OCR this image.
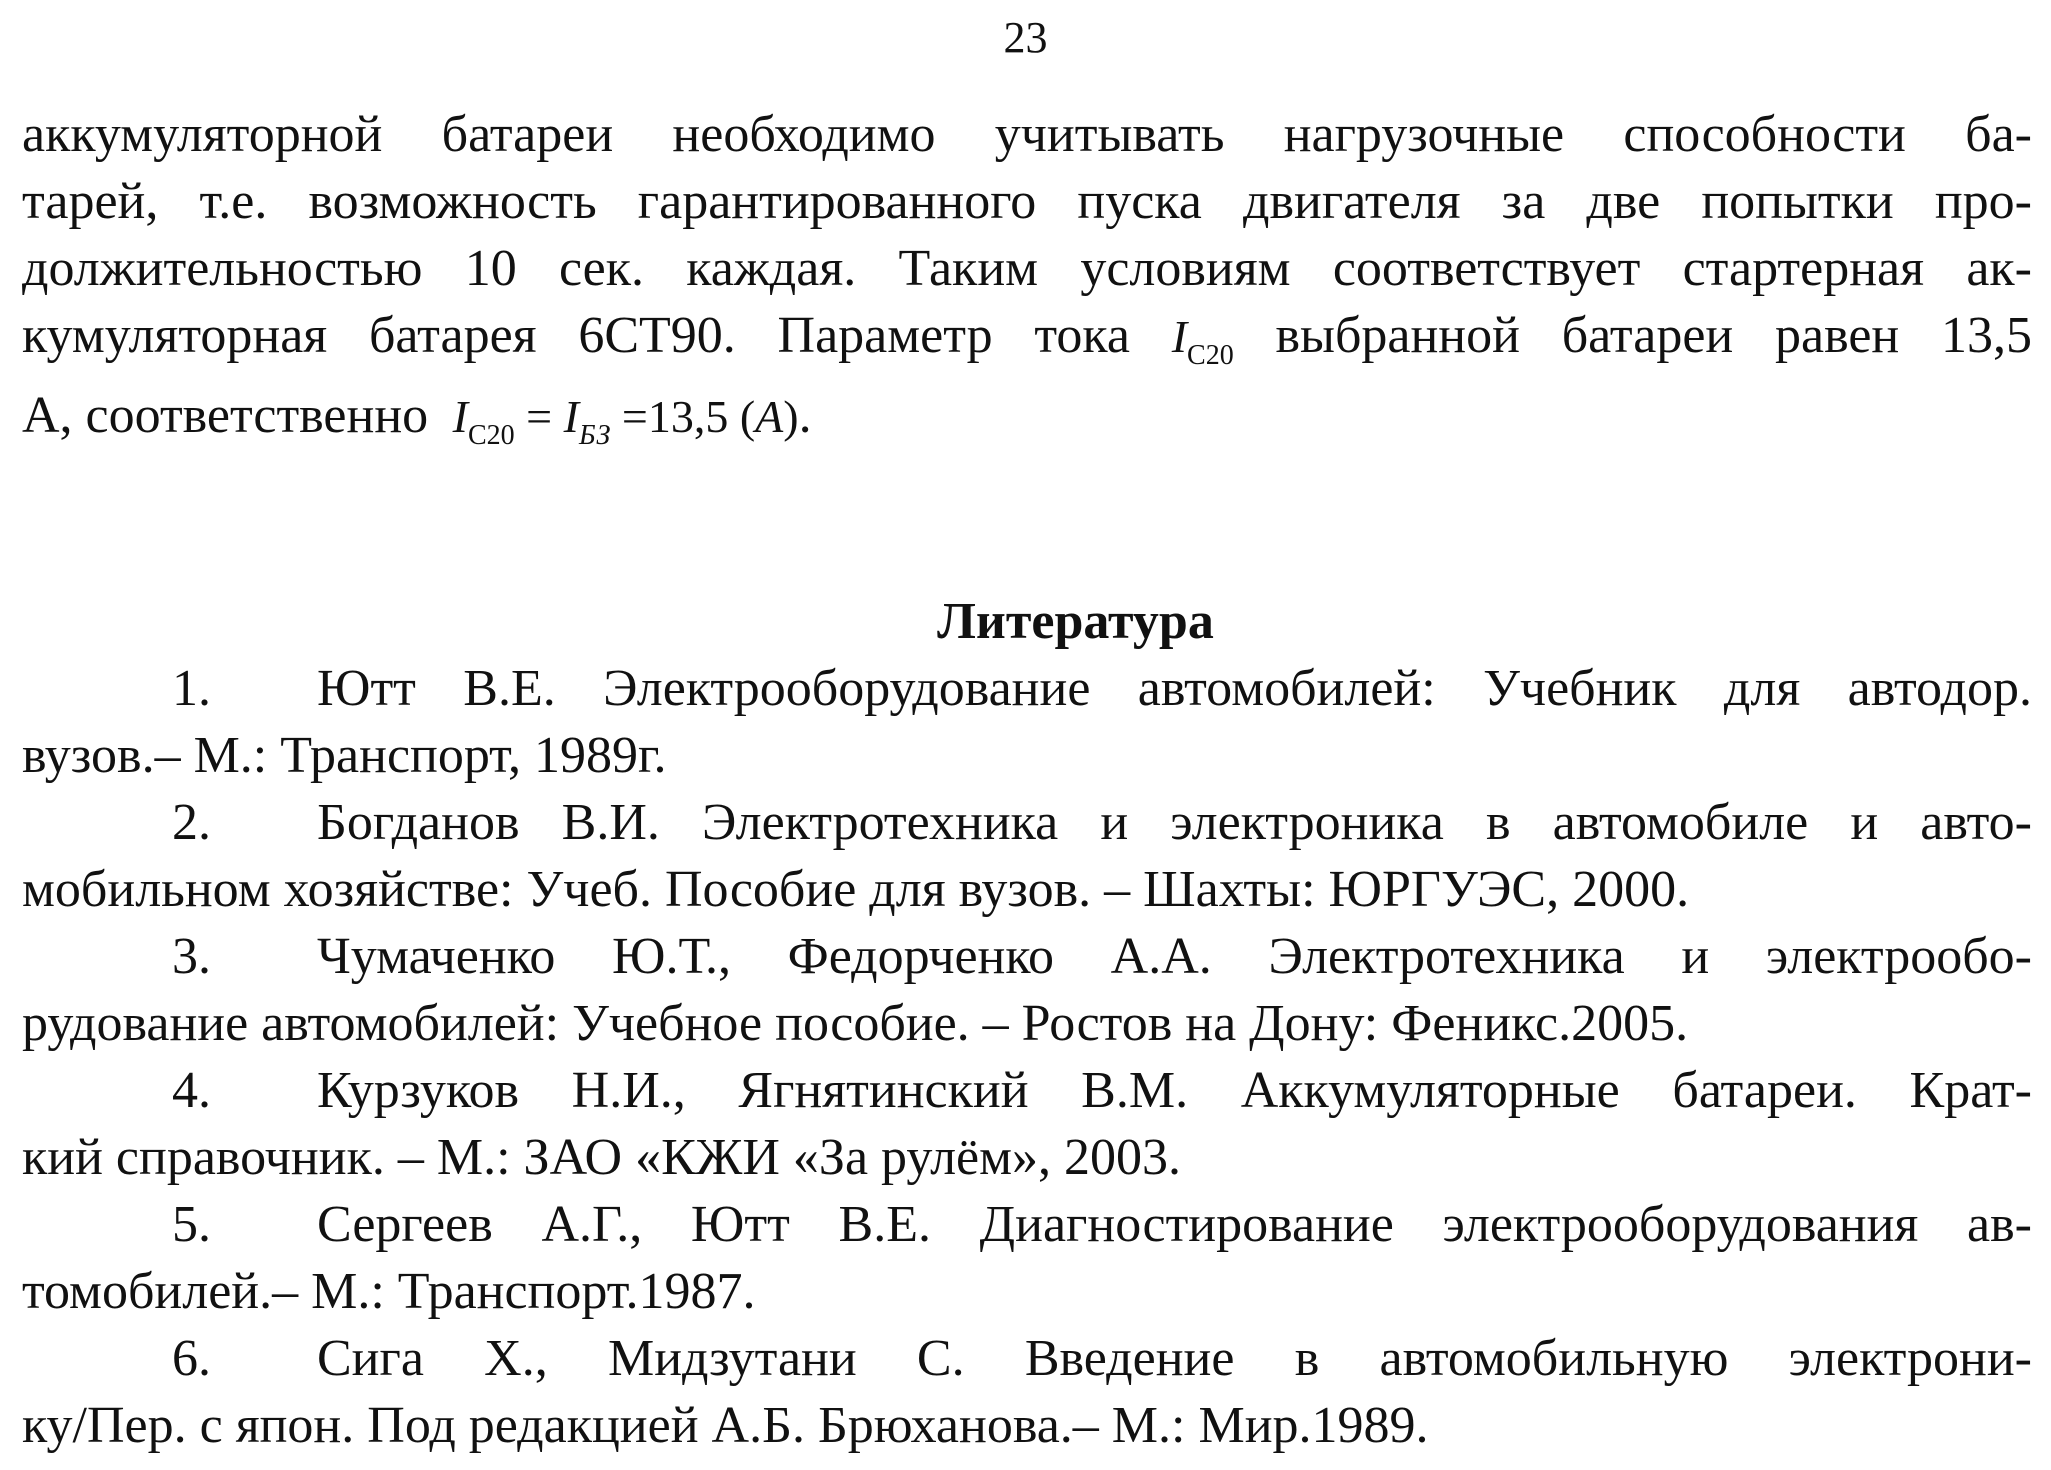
23
аккумуляторной батареи необходимо учитывать нагрузочные способности ба-
тарей, т.е. возможность гарантированного пуска двигателя за две попытки про-
должительностью 10 сек. каждая. Таким условиям соответствует стартерная ак-
кумуляторная батарея 6СТ90. Параметр тока $I_{C20}$ выбранной батареи равен 13,5
А, соответственно $I_{C20} = I_{БЗ} =13,5$ (A).
Литература
1. Ютт В.Е. Электрооборудование автомобилей: Учебник для автодор.
вузов.– М.: Транспорт, 1989г.
2. Богданов В.И. Электротехника и электроника в автомобиле и авто-
мобильном хозяйстве: Учеб. Пособие для вузов. – Шахты: ЮРГУЭС, 2000.
3. Чумаченко Ю.Т., Федорченко А.А. Электротехника и электрообо-
рудование автомобилей: Учебное пособие. – Ростов на Дону: Феникс.2005.
4. Курзуков Н.И., Ягнятинский В.М. Аккумуляторные батареи. Крат-
кий справочник. – М.: ЗАО «КЖИ «За рулём», 2003.
5. Сергеев А.Г., Ютт В.Е. Диагностирование электрооборудования ав-
томобилей.– М.: Транспорт.1987.
6. Сига Х., Мидзутани С. Введение в автомобильную электрони-
ку/Пер. с япон. Под редакцией А.Б. Брюханова.– М.: Мир.1989.
